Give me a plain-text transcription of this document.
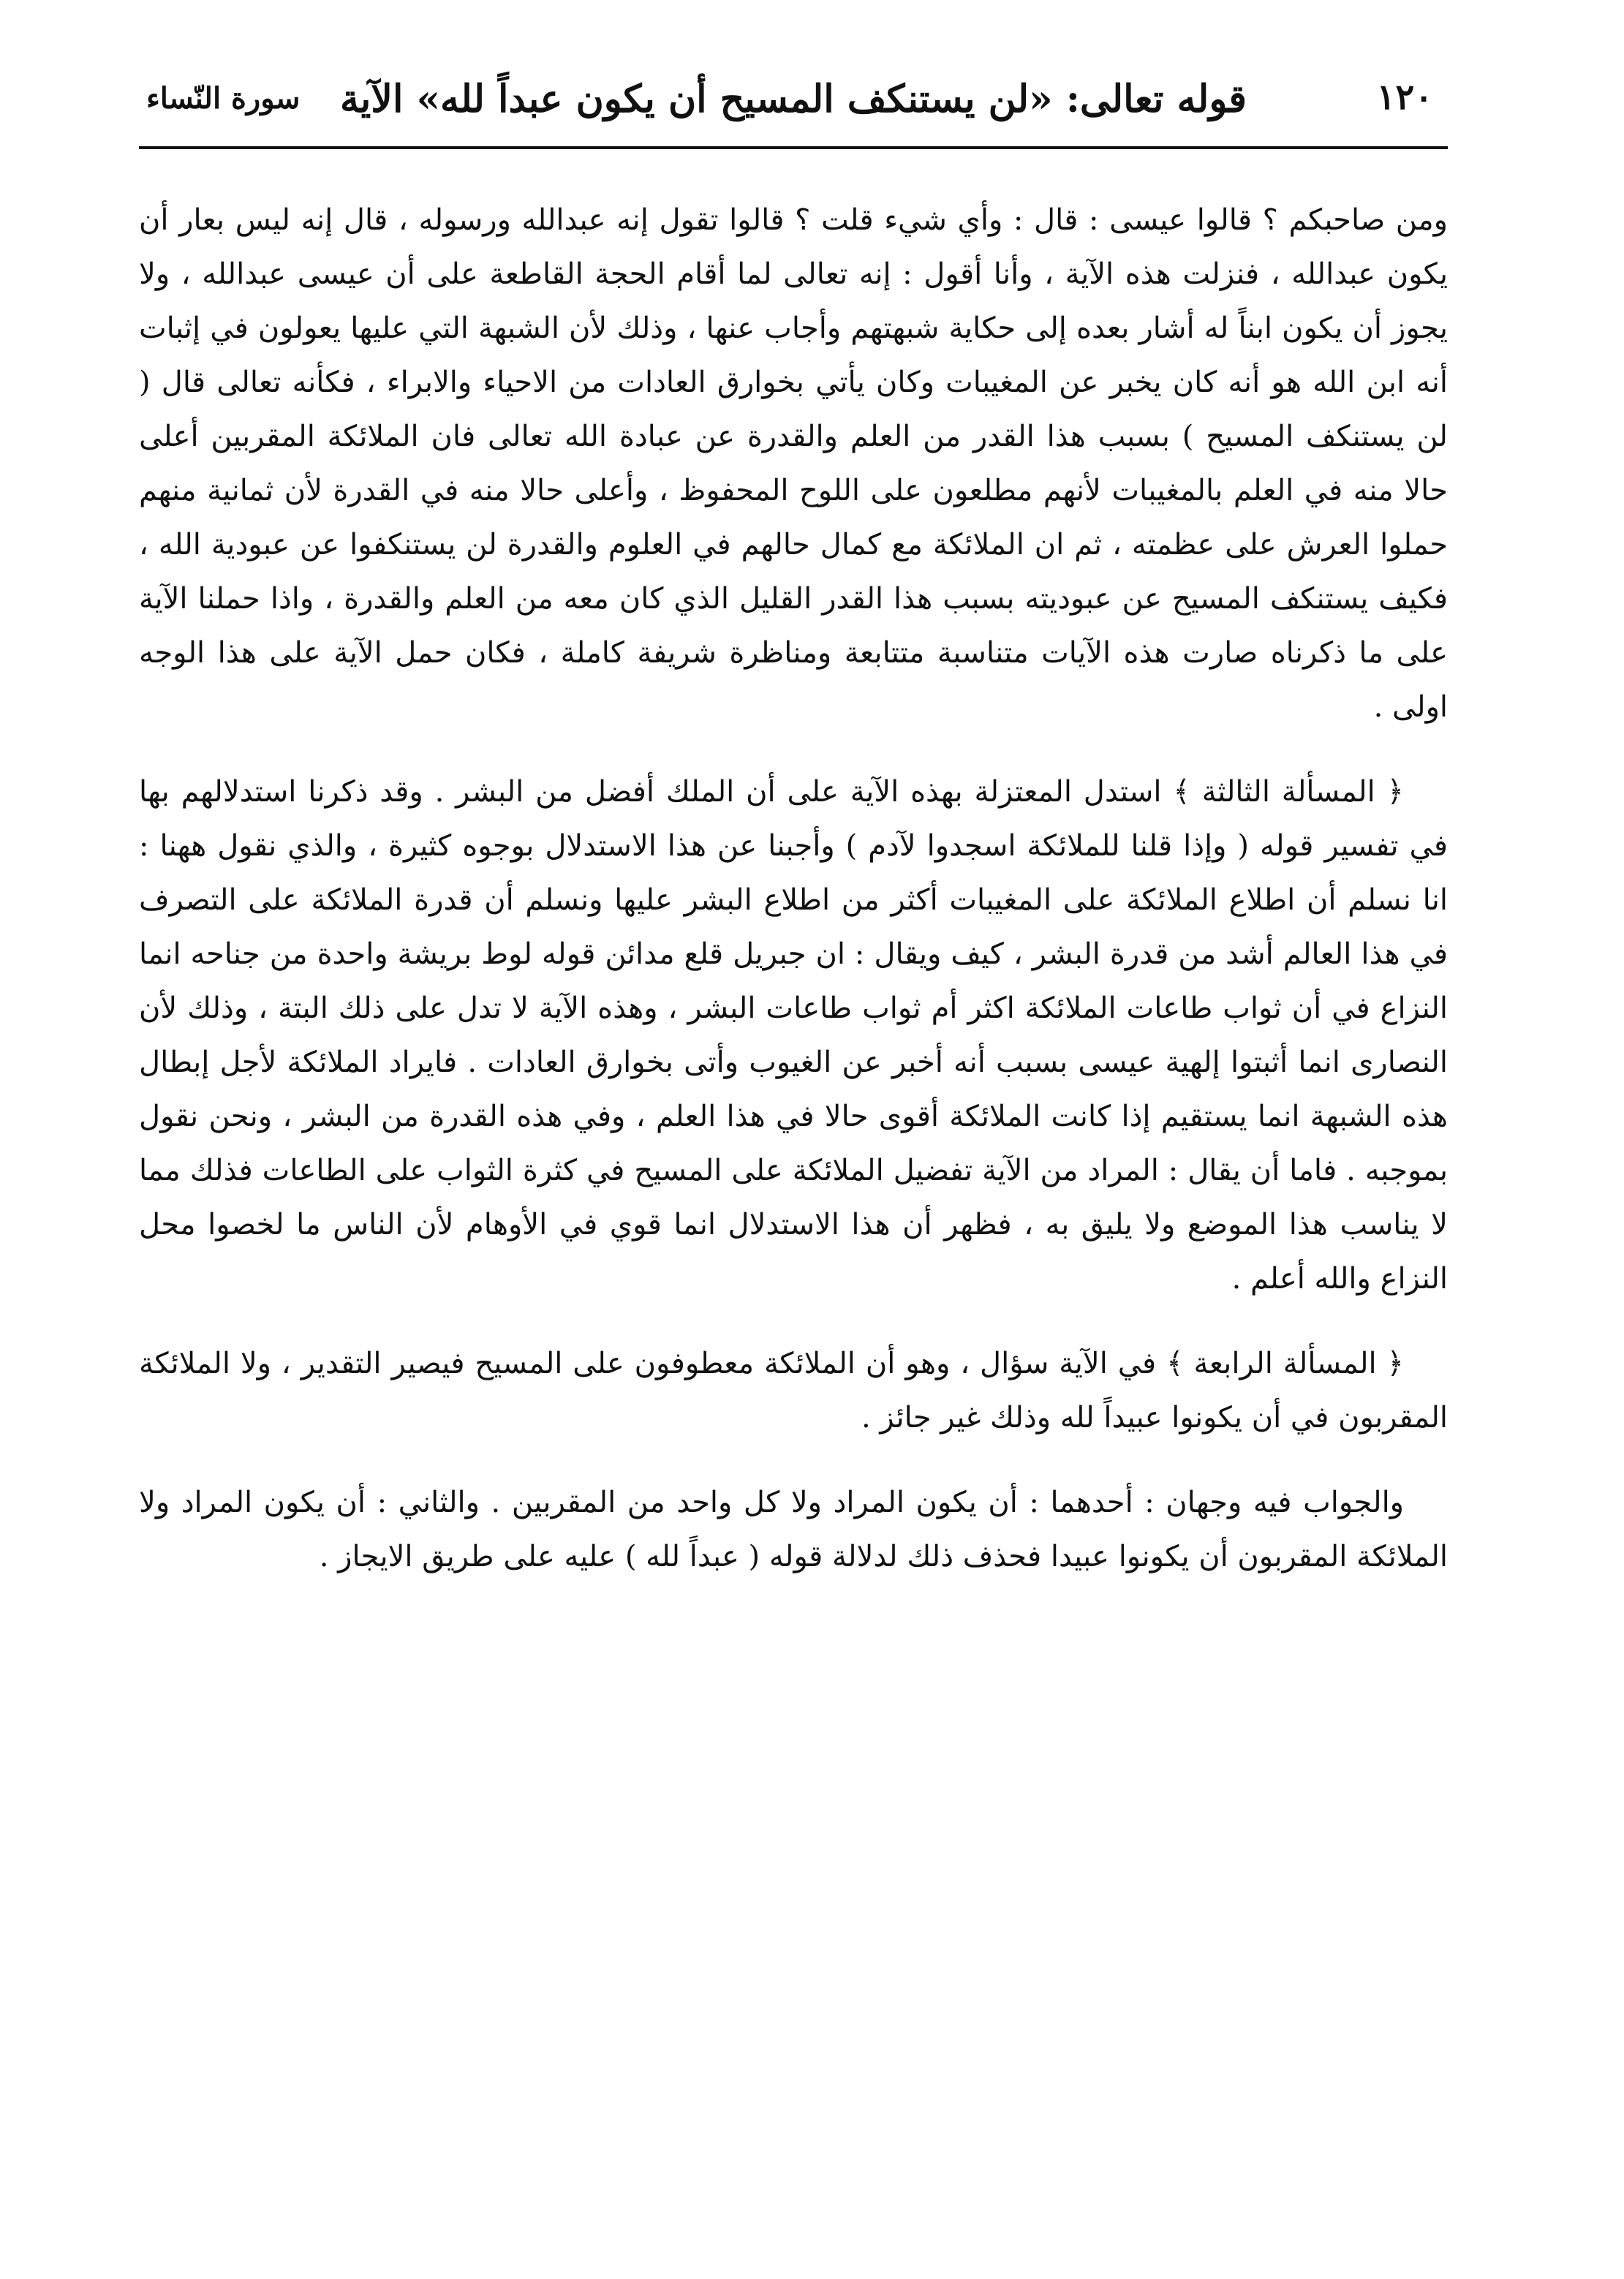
١٢٠
قوله تعالى: «لن يستنكف المسيح أن يكون عبداً لله» الآية
سورة النّساء

ومن صاحبكم ؟ قالوا عيسى : قال : وأي شيء قلت ؟ قالوا تقول إنه عبدالله ورسوله ، قال إنه ليس بعار أن يكون عبدالله ، فنزلت هذه الآية ، وأنا أقول : إنه تعالى لما أقام الحجة القاطعة على أن عيسى عبدالله ، ولا يجوز أن يكون ابناً له أشار بعده إلى حكاية شبهتهم وأجاب عنها ، وذلك لأن الشبهة التي عليها يعولون في إثبات أنه ابن الله هو أنه كان يخبر عن المغيبات وكان يأتي بخوارق العادات من الاحياء والابراء ، فكأنه تعالى قال ( لن يستنكف المسيح ) بسبب هذا القدر من العلم والقدرة عن عبادة الله تعالى فان الملائكة المقربين أعلى حالا منه في العلم بالمغيبات لأنهم مطلعون على اللوح المحفوظ ، وأعلى حالا منه في القدرة لأن ثمانية منهم حملوا العرش على عظمته ، ثم ان الملائكة مع كمال حالهم في العلوم والقدرة لن يستنكفوا عن عبودية الله ، فكيف يستنكف المسيح عن عبوديته بسبب هذا القدر القليل الذي كان معه من العلم والقدرة ، واذا حملنا الآية على ما ذكرناه صارت هذه الآيات متناسبة متتابعة ومناظرة شريفة كاملة ، فكان حمل الآية على هذا الوجه اولى .

﴿ المسألة الثالثة ﴾ استدل المعتزلة بهذه الآية على أن الملك أفضل من البشر . وقد ذكرنا استدلالهم بها في تفسير قوله ( وإذا قلنا للملائكة اسجدوا لآدم ) وأجبنا عن هذا الاستدلال بوجوه كثيرة ، والذي نقول ههنا : انا نسلم أن اطلاع الملائكة على المغيبات أكثر من اطلاع البشر عليها ونسلم أن قدرة الملائكة على التصرف في هذا العالم أشد من قدرة البشر ، كيف ويقال : ان جبريل قلع مدائن قوله لوط بريشة واحدة من جناحه انما النزاع في أن ثواب طاعات الملائكة اكثر أم ثواب طاعات البشر ، وهذه الآية لا تدل على ذلك البتة ، وذلك لأن النصارى انما أثبتوا إلهية عيسى بسبب أنه أخبر عن الغيوب وأتى بخوارق العادات . فايراد الملائكة لأجل إبطال هذه الشبهة انما يستقيم إذا كانت الملائكة أقوى حالا في هذا العلم ، وفي هذه القدرة من البشر ، ونحن نقول بموجبه . فاما أن يقال : المراد من الآية تفضيل الملائكة على المسيح في كثرة الثواب على الطاعات فذلك مما لا يناسب هذا الموضع ولا يليق به ، فظهر أن هذا الاستدلال انما قوي في الأوهام لأن الناس ما لخصوا محل النزاع والله أعلم .

﴿ المسألة الرابعة ﴾ في الآية سؤال ، وهو أن الملائكة معطوفون على المسيح فيصير التقدير ، ولا الملائكة المقربون في أن يكونوا عبيداً لله وذلك غير جائز .

والجواب فيه وجهان : أحدهما : أن يكون المراد ولا كل واحد من المقربين . والثاني : أن يكون المراد ولا الملائكة المقربون أن يكونوا عبيدا فحذف ذلك لدلالة قوله ( عبداً لله ) عليه على طريق الايجاز .
